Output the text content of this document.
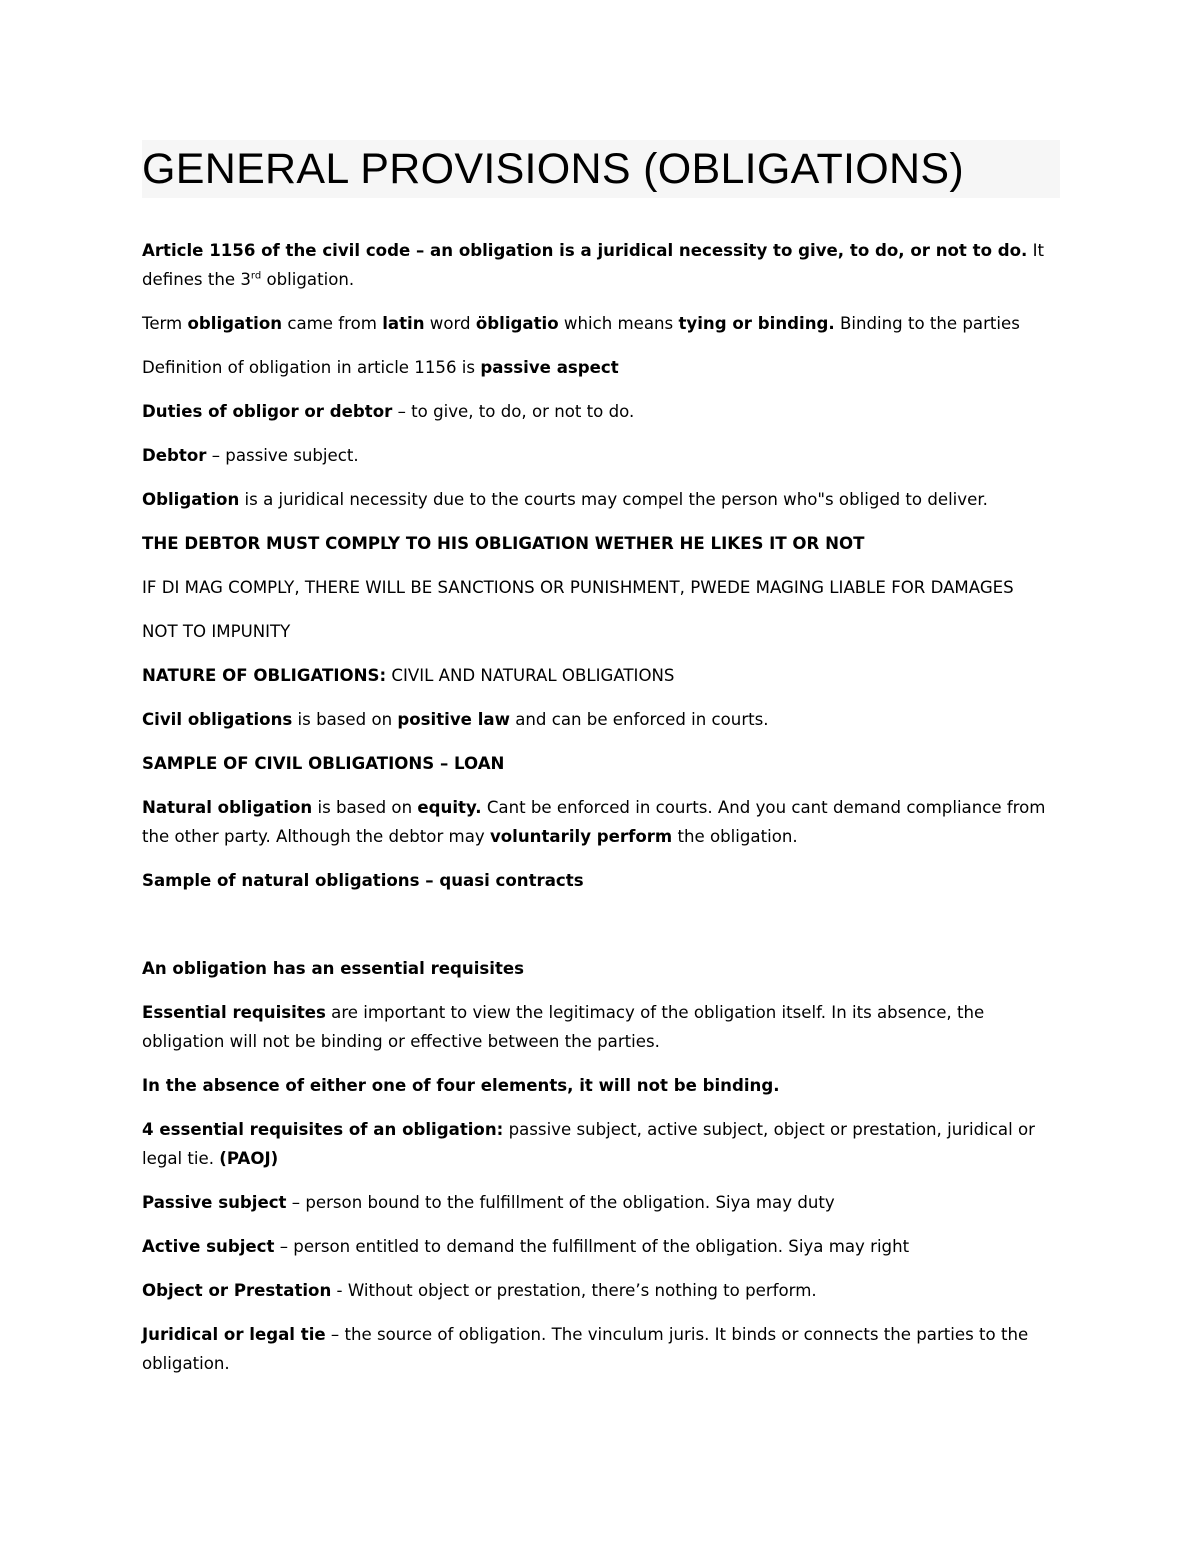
GENERAL PROVISIONS (OBLIGATIONS)

Article 1156 of the civil code – an obligation is a juridical necessity to give, to do, or not to do. It defines the 3rd obligation.

Term obligation came from latin word öbligatio which means tying or binding. Binding to the parties

Definition of obligation in article 1156 is passive aspect

Duties of obligor or debtor – to give, to do, or not to do.

Debtor – passive subject.

Obligation is a juridical necessity due to the courts may compel the person who"s obliged to deliver.

THE DEBTOR MUST COMPLY TO HIS OBLIGATION WETHER HE LIKES IT OR NOT

IF DI MAG COMPLY, THERE WILL BE SANCTIONS OR PUNISHMENT, PWEDE MAGING LIABLE FOR DAMAGES

NOT TO IMPUNITY

NATURE OF OBLIGATIONS: CIVIL AND NATURAL OBLIGATIONS

Civil obligations is based on positive law and can be enforced in courts.

SAMPLE OF CIVIL OBLIGATIONS – LOAN

Natural obligation is based on equity. Cant be enforced in courts. And you cant demand compliance from the other party. Although the debtor may voluntarily perform the obligation.

Sample of natural obligations – quasi contracts

An obligation has an essential requisites

Essential requisites are important to view the legitimacy of the obligation itself. In its absence, the obligation will not be binding or effective between the parties.

In the absence of either one of four elements, it will not be binding.

4 essential requisites of an obligation: passive subject, active subject, object or prestation, juridical or legal tie. (PAOJ)

Passive subject – person bound to the fulfillment of the obligation. Siya may duty

Active subject – person entitled to demand the fulfillment of the obligation. Siya may right

Object or Prestation - Without object or prestation, there’s nothing to perform.

Juridical or legal tie – the source of obligation. The vinculum juris. It binds or connects the parties to the obligation.
